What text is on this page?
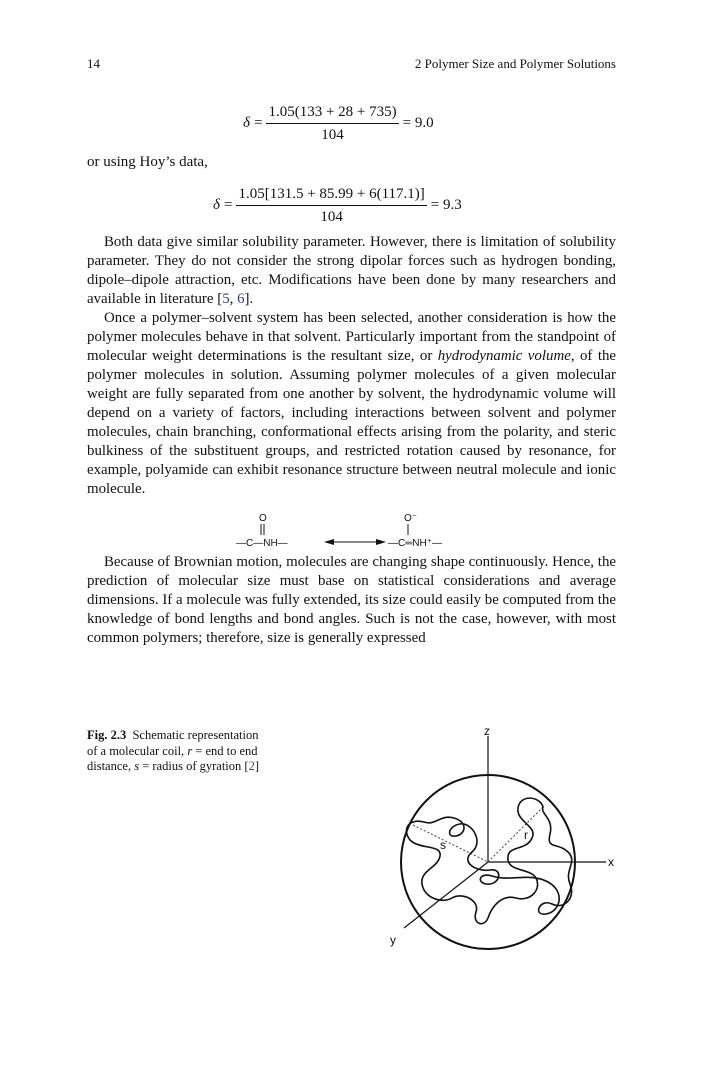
14	2 Polymer Size and Polymer Solutions
$\delta = \frac{1.05(133 + 28 + 735)}{104} = 9.0$
or using Hoy’s data,
$\delta = \frac{1.05[131.5 + 85.99 + 6(117.1)]}{104} = 9.3$

Both data give similar solubility parameter. However, there is limitation of solubility parameter. They do not consider the strong dipolar forces such as hydrogen bonding, dipole–dipole attraction, etc. Modifications have been done by many researchers and available in literature [5, 6].

Once a polymer–solvent system has been selected, another consideration is how the polymer molecules behave in that solvent. Particularly important from the standpoint of molecular weight determinations is the resultant size, or hydrodynamic volume, of the polymer molecules in solution. Assuming polymer molecules of a given molecular weight are fully separated from one another by solvent, the hydrodynamic volume will depend on a variety of factors, including interactions between solvent and polymer molecules, chain branching, conformational effects arising from the polarity, and steric bulkiness of the substituent groups, and restricted rotation caused by resonance, for example, polyamide can exhibit resonance structure between neutral molecule and ionic molecule.

O
—C—NH—
O⁻
—C═NH⁺—

Because of Brownian motion, molecules are changing shape continuously. Hence, the prediction of molecular size must base on statistical considerations and average dimensions. If a molecule was fully extended, its size could easily be computed from the knowledge of bond lengths and bond angles. Such is not the case, however, with most common polymers; therefore, size is generally expressed

Fig. 2.3 Schematic representation of a molecular coil, r = end to end distance, s = radius of gyration [2]
z
x
y
s
r
